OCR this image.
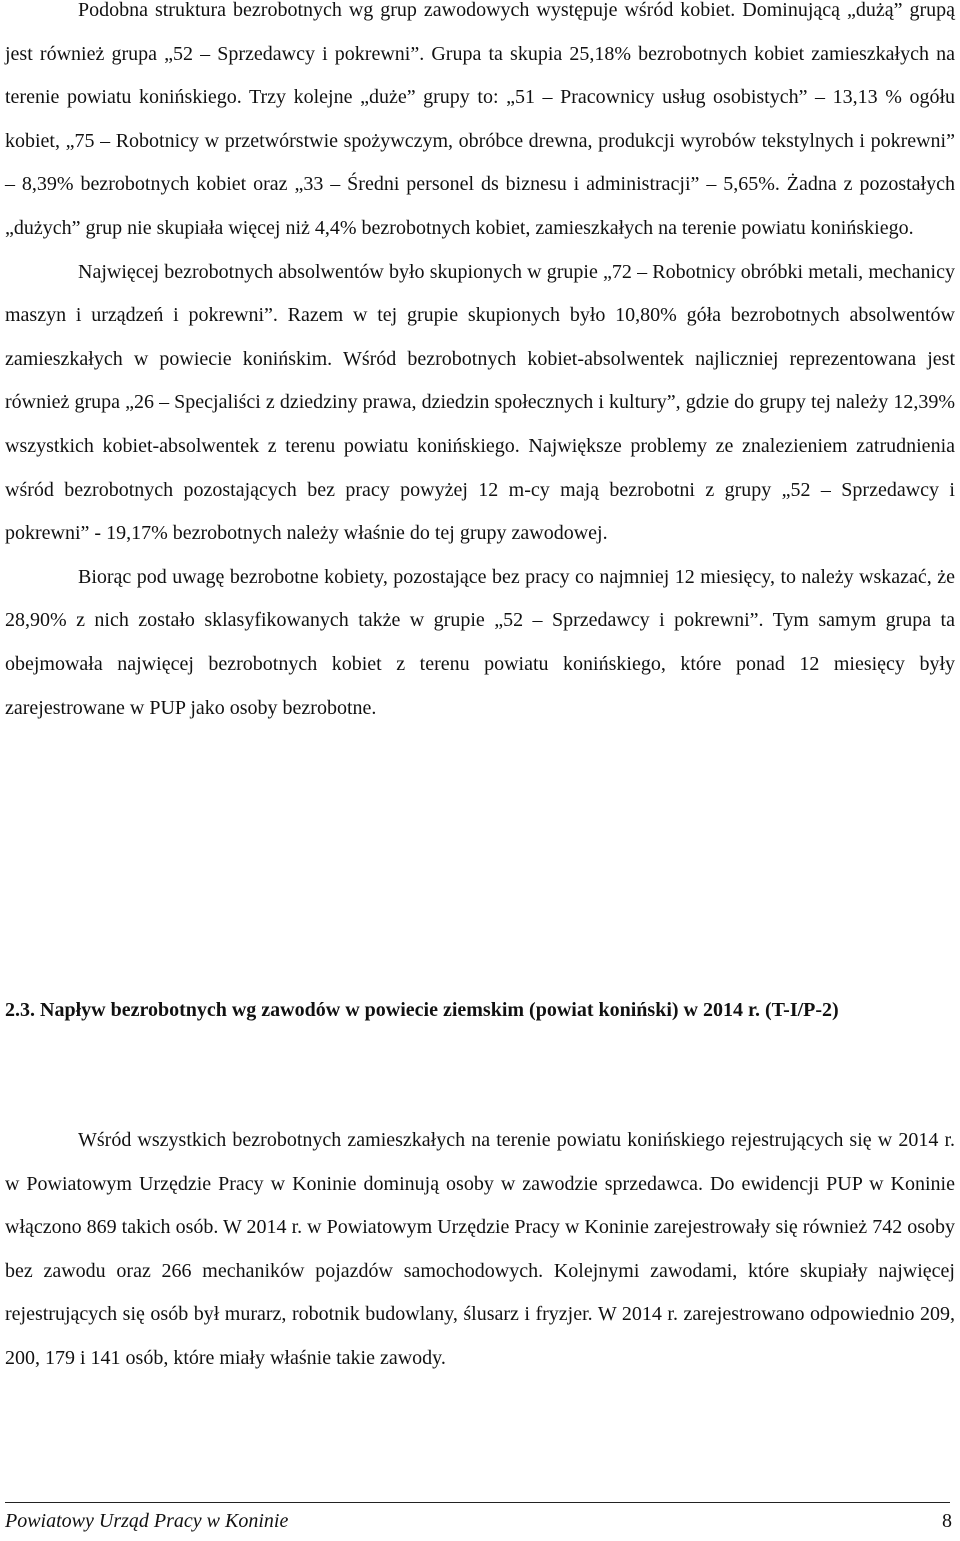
Podobna struktura bezrobotnych wg grup zawodowych występuje wśród kobiet. Dominującą „dużą” grupą jest również grupa „52 – Sprzedawcy i pokrewni”. Grupa ta skupia 25,18% bezrobotnych kobiet zamieszkałych na terenie powiatu konińskiego. Trzy kolejne „duże” grupy to: „51 – Pracownicy usług osobistych” – 13,13 % ogółu kobiet, „75 – Robotnicy w przetwórstwie spożywczym, obróbce drewna, produkcji wyrobów tekstylnych i pokrewni” – 8,39% bezrobotnych kobiet oraz „33 – Średni personel ds biznesu i administracji” – 5,65%. Żadna z pozostałych „dużych” grup nie skupiała więcej niż 4,4% bezrobotnych kobiet, zamieszkałych na terenie powiatu konińskiego.

Najwięcej bezrobotnych absolwentów było skupionych w grupie „72 – Robotnicy obróbki metali, mechanicy maszyn i urządzeń i pokrewni”. Razem w tej grupie skupionych było 10,80% góła bezrobotnych absolwentów zamieszkałych w powiecie konińskim. Wśród bezrobotnych kobiet-absolwentek najliczniej reprezentowana jest również grupa „26 – Specjaliści z dziedziny prawa, dziedzin społecznych i kultury”, gdzie do grupy tej należy 12,39% wszystkich kobiet-absolwentek z terenu powiatu konińskiego. Największe problemy ze znalezieniem zatrudnienia wśród bezrobotnych pozostających bez pracy powyżej 12 m-cy mają bezrobotni z grupy „52 – Sprzedawcy i pokrewni” - 19,17% bezrobotnych należy właśnie do tej grupy zawodowej.

Biorąc pod uwagę bezrobotne kobiety, pozostające bez pracy co najmniej 12 miesięcy, to należy wskazać, że 28,90% z nich zostało sklasyfikowanych także w grupie „52 – Sprzedawcy i pokrewni”. Tym samym grupa ta obejmowała najwięcej bezrobotnych kobiet z terenu powiatu konińskiego, które ponad 12 miesięcy były zarejestrowane w PUP jako osoby bezrobotne.

2.3. Napływ bezrobotnych wg zawodów w powiecie ziemskim (powiat koniński) w 2014 r. (T-I/P-2)

Wśród wszystkich bezrobotnych zamieszkałych na terenie powiatu konińskiego rejestrujących się w 2014 r. w Powiatowym Urzędzie Pracy w Koninie dominują osoby w zawodzie sprzedawca. Do ewidencji PUP w Koninie włączono 869 takich osób. W 2014 r. w Powiatowym Urzędzie Pracy w Koninie zarejestrowały się również 742 osoby bez zawodu oraz 266 mechaników pojazdów samochodowych. Kolejnymi zawodami, które skupiały najwięcej rejestrujących się osób był murarz, robotnik budowlany, ślusarz i fryzjer. W 2014 r. zarejestrowano odpowiednio 209, 200, 179 i 141 osób, które miały właśnie takie zawody.

Powiatowy Urząd Pracy w Koninie	8
